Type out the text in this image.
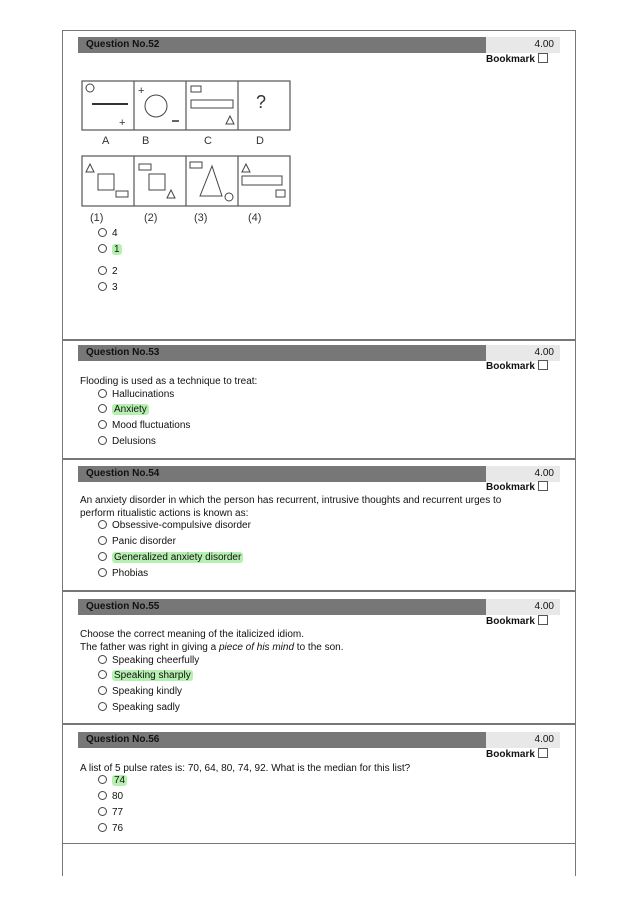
Question No.52	4.00
Bookmark
+
+
?
A	B	C	D
(1)	(2)	(3)	(4)
4
1
2
3
Question No.53	4.00
Bookmark
Flooding is used as a technique to treat:
Hallucinations
Anxiety
Mood fluctuations
Delusions
Question No.54	4.00
Bookmark
An anxiety disorder in which the person has recurrent, intrusive thoughts and recurrent urges to
perform ritualistic actions is known as:
Obsessive-compulsive disorder
Panic disorder
Generalized anxiety disorder
Phobias
Question No.55	4.00
Bookmark
Choose the correct meaning of the italicized idiom.
The father was right in giving a piece of his mind to the son.
Speaking cheerfully
Speaking sharply
Speaking kindly
Speaking sadly
Question No.56	4.00
Bookmark
A list of 5 pulse rates is: 70, 64, 80, 74, 92. What is the median for this list?
74
80
77
76
